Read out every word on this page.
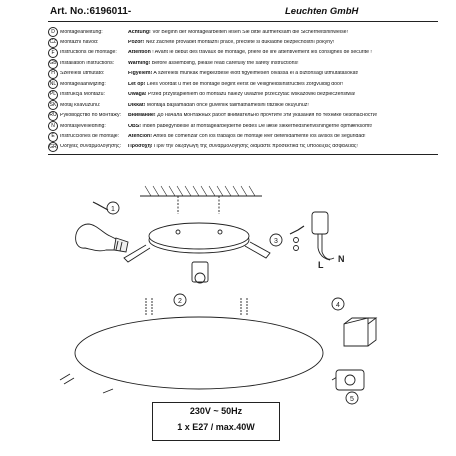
Art. No.:6196011-	Leuchten GmbH
D Montageanleitung:	Achtung! Vor Beginn der Montagearbeiten lesen Sie bitte aufmerksam die Sicherheitshinweise!
CZ Montážní návod:	Pozor! Než začnete provádět montážní práce, přečtěte si důkladně bezpečnostní pokyny!
F	Instructions de montage:	Attention ! Avant le début des travaux de montage, prière de lire attentivement les consignes de sécurité !
GB Installation Instructions:	Warning! Before assembling, please read carefully the safety instructions!
H Szerelési útmutató:	Figyelem! A szerelési munkák megkezdése előtt figyelmesen olvassa el a biztonsági útmutatásokat!
NL Montageaanwijzing:	Let op! Lees voordat u met de montage begint eerst de veiligheidsinstructies zorgvuldig door!
PL Instrukcja Montażu:	Uwaga! Przed przystąpieniem do montażu należy uważnie przeczytać wskazówki bezpieczeństwa!
SK Motaj kılavuzunu:	Dikkat! Montaja başlamadan önce güvenlik talimatnamesini titizlikle okuyunuz!
RU Руководство по монтажу:	Внимание! До начала монтажных работ внимательно прочтите эти указания по технике безопасности!
N Montasjeveiledning:	OBS! Inden påbegyndelse af montagearbejderne bedes De læse sikkerhedshenvisningerne opmærksomt!
E	Instrucciones de montaje:	Atención! Antes de comenzar con los trabajos de montaje leer detenidamente los avisos de seguridad!
GR Οδηγίες συναρμολόγησης:	Προσοχή! Πριν την διεξαγωγή της συναρμολόγησης διαβάστε προσεκτικά τις υποδείξεις ασφαλείας!
1
2
3
4
L
N
5
230V ~ 50Hz
1 x E27 / max.40W
